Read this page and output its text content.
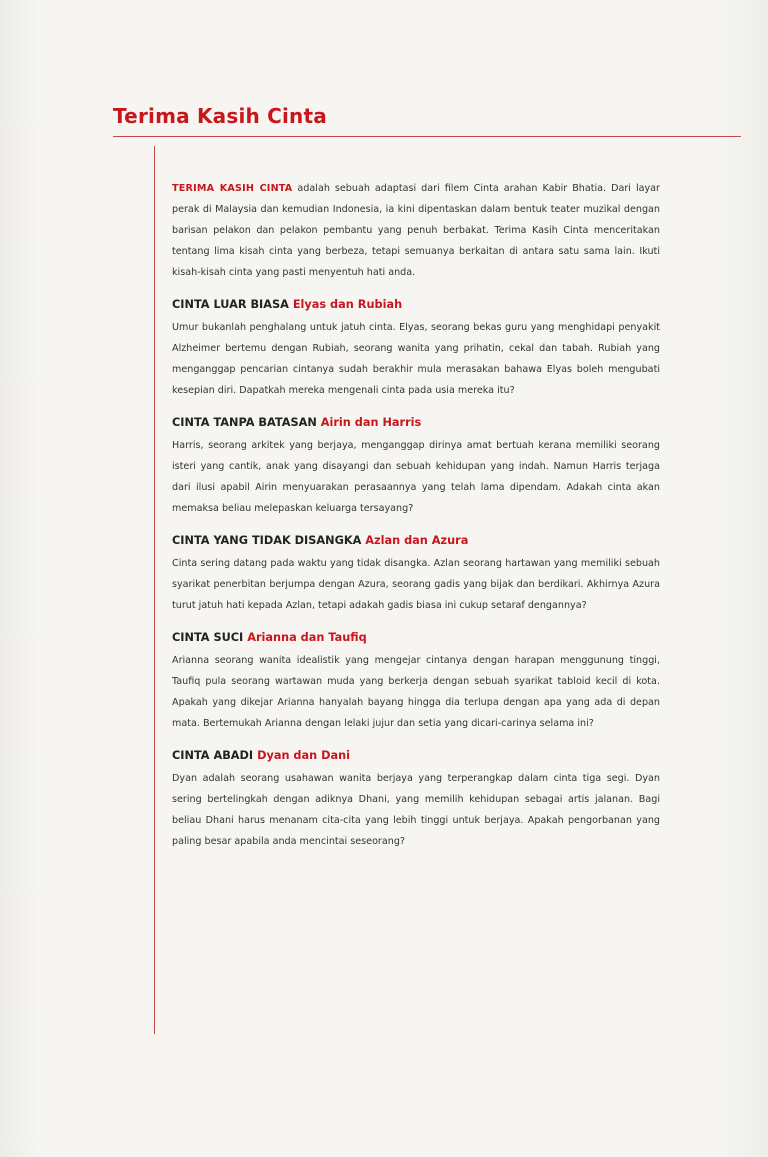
Terima Kasih Cinta

TERIMA KASIH CINTA adalah sebuah adaptasi dari filem Cinta arahan Kabir Bhatia. Dari layar perak di Malaysia dan kemudian Indonesia, ia kini dipentaskan dalam bentuk teater muzikal dengan barisan pelakon dan pelakon pembantu yang penuh berbakat. Terima Kasih Cinta menceritakan tentang lima kisah cinta yang berbeza, tetapi semuanya berkaitan di antara satu sama lain. Ikuti kisah-kisah cinta yang pasti menyentuh hati anda.

CINTA LUAR BIASA Elyas dan Rubiah

Umur bukanlah penghalang untuk jatuh cinta. Elyas, seorang bekas guru yang menghidapi penyakit Alzheimer bertemu dengan Rubiah, seorang wanita yang prihatin, cekal dan tabah. Rubiah yang menganggap pencarian cintanya sudah berakhir mula merasakan bahawa Elyas boleh mengubati kesepian diri. Dapatkah mereka mengenali cinta pada usia mereka itu?

CINTA TANPA BATASAN Airin dan Harris

Harris, seorang arkitek yang berjaya, menganggap dirinya amat bertuah kerana memiliki seorang isteri yang cantik, anak yang disayangi dan sebuah kehidupan yang indah. Namun Harris terjaga dari ilusi apabil Airin menyuarakan perasaannya yang telah lama dipendam. Adakah cinta akan memaksa beliau melepaskan keluarga tersayang?

CINTA YANG TIDAK DISANGKA Azlan dan Azura

Cinta sering datang pada waktu yang tidak disangka. Azlan seorang hartawan yang memiliki sebuah syarikat penerbitan berjumpa dengan Azura, seorang gadis yang bijak dan berdikari. Akhirnya Azura turut jatuh hati kepada Azlan, tetapi adakah gadis biasa ini cukup setaraf dengannya?

CINTA SUCI Arianna dan Taufiq

Arianna seorang wanita idealistik yang mengejar cintanya dengan harapan menggunung tinggi, Taufiq pula seorang wartawan muda yang berkerja dengan sebuah syarikat tabloid kecil di kota. Apakah yang dikejar Arianna hanyalah bayang hingga dia terlupa dengan apa yang ada di depan mata. Bertemukah Arianna dengan lelaki jujur dan setia yang dicari-carinya selama ini?

CINTA ABADI Dyan dan Dani

Dyan adalah seorang usahawan wanita berjaya yang terperangkap dalam cinta tiga segi. Dyan sering bertelingkah dengan adiknya Dhani, yang memilih kehidupan sebagai artis jalanan. Bagi beliau Dhani harus menanam cita-cita yang lebih tinggi untuk berjaya. Apakah pengorbanan yang paling besar apabila anda mencintai seseorang?
